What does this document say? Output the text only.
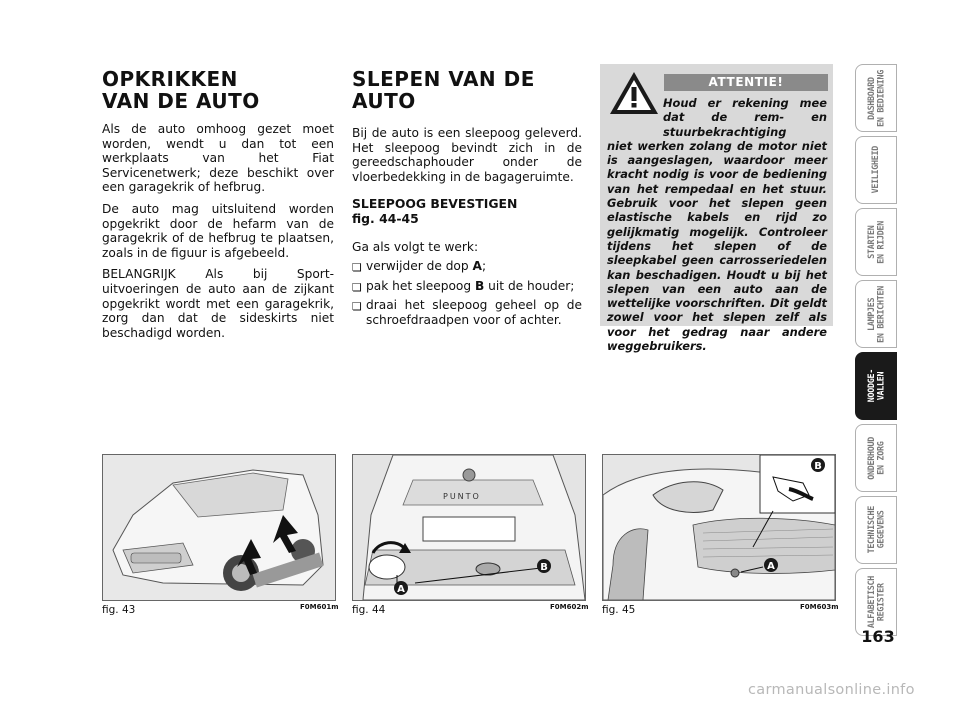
OPKRIKKEN
VAN DE AUTO

Als de auto omhoog gezet moet worden, wendt u dan tot een werkplaats van het Fiat Servicenetwerk; deze beschikt over een garagekrik of hefbrug.

De auto mag uitsluitend worden opgekrikt door de hefarm van de garagekrik of de hefbrug te plaatsen, zoals in de figuur is afgebeeld.

BELANGRIJK Als bij Sport-uitvoeringen de auto aan de zijkant opgekrikt wordt met een garagekrik, zorg dan dat de sideskirts niet beschadigd worden.

SLEPEN VAN DE AUTO

Bij de auto is een sleepoog geleverd. Het sleepoog bevindt zich in de gereedschaphouder onder de vloerbedekking in de bagageruimte.

SLEEPOOG BEVESTIGEN
fig. 44-45

Ga als volgt te werk:

❏ verwijder de dop A;
❏ pak het sleepoog B uit de houder;
❏ draai het sleepoog geheel op de schroefdraadpen voor of achter.
ATTENTIE!
Houd er rekening mee dat de rem- en stuurbekrachtiging
niet werken zolang de motor niet is aangeslagen, waardoor meer kracht nodig is voor de bediening van het rempedaal en het stuur. Gebruik voor het slepen geen elastische kabels en rijd zo gelijkmatig mogelijk. Controleer tijdens het slepen of de sleepkabel geen carrosseriedelen kan beschadigen. Houdt u bij het slepen van een auto aan de wettelijke voorschriften. Dit geldt zowel voor het slepen zelf als voor het gedrag naar andere weggebruikers.
fig. 43	F0M601m
PUNTO
A
B
fig. 44	F0M602m
B
A
fig. 45	F0M603m
DASHBOARD
EN BEDIENING
VEILIGHEID
STARTEN
EN RIJDEN
LAMPJES
EN BERICHTEN
NOODGE-
VALLEN
ONDERHOUD
EN ZORG
TECHNISCHE
GEGEVENS
ALFABETISCH
REGISTER
163
carmanualsonline.info
